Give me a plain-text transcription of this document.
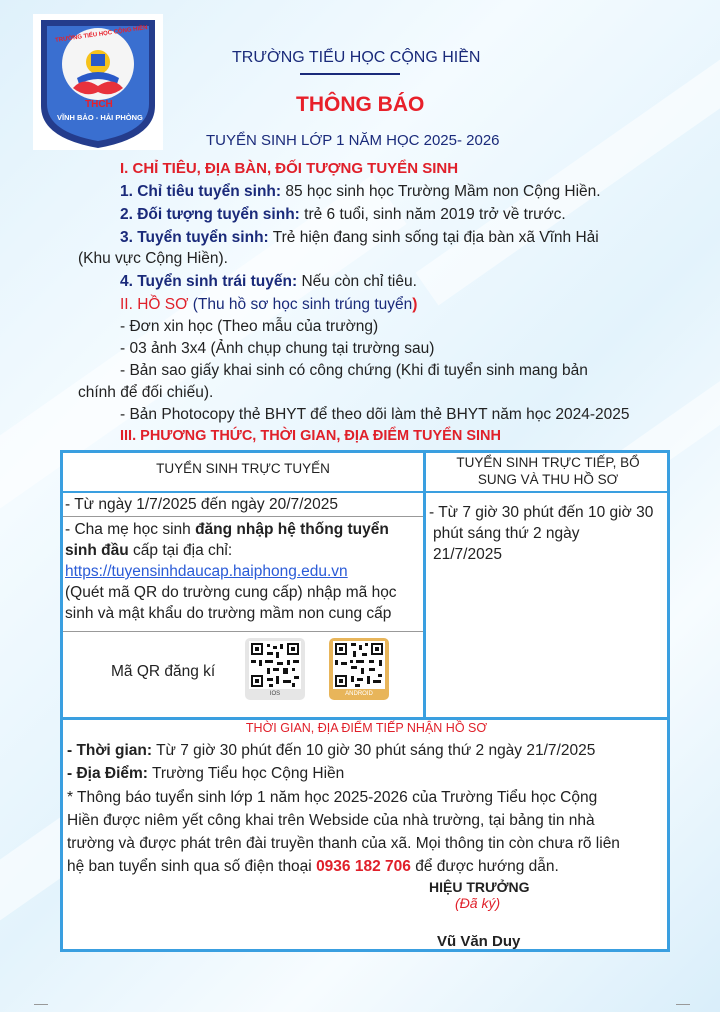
THCH
VĨNH BẢO - HẢI PHÒNG
TRƯỜNG TIỂU HỌC CỘNG HIỀN
TRƯỜNG TIỂU HỌC CỘNG HIỀN
THÔNG BÁO
TUYỂN SINH LỚP 1 NĂM HỌC 2025- 2026
I. CHỈ TIÊU, ĐỊA BÀN, ĐỐI TƯỢNG TUYỂN SINH
1. Chỉ tiêu tuyển sinh: 85 học sinh học Trường Mầm non Cộng Hiền.
2. Đối tượng tuyển sinh: trẻ 6 tuổi, sinh năm 2019 trở về trước.
3. Tuyển tuyển sinh: Trẻ hiện đang sinh sống tại địa bàn xã Vĩnh Hải
(Khu vực Cộng Hiền).
4. Tuyển sinh trái tuyến: Nếu còn chỉ tiêu.
II. HỒ SƠ (Thu hồ sơ học sinh trúng tuyển)
- Đơn xin học (Theo mẫu của trường)
- 03 ảnh 3x4 (Ảnh chụp chung tại trường sau)
- Bản sao giấy khai sinh có công chứng (Khi đi tuyển sinh mang bản
chính để đối chiếu).
- Bản Photocopy thẻ BHYT để theo dõi làm thẻ BHYT năm học 2024-2025
III. PHƯƠNG THỨC, THỜI GIAN, ĐỊA ĐIỂM TUYỂN SINH
TUYỂN SINH TRỰC TUYẾN	TUYỂN SINH TRỰC TIẾP, BỔ
SUNG VÀ THU HỒ SƠ
- Từ ngày 1/7/2025 đến ngày 20/7/2025
- Cha mẹ học sinh đăng nhập hệ thống tuyển
sinh đầu cấp tại địa chỉ:
https://tuyensinhdaucap.haiphong.edu.vn
(Quét mã QR do trường cung cấp) nhập mã học
sinh và mật khẩu do trường mầm non cung cấp
Mã QR đăng kí
IOS	ANDROID
- Từ 7 giờ 30 phút đến 10 giờ 30
phút sáng thứ 2 ngày
21/7/2025
THỜI GIAN, ĐỊA ĐIỂM TIẾP NHẬN HỒ SƠ
- Thời gian: Từ 7 giờ 30 phút đến 10 giờ 30 phút sáng thứ 2 ngày 21/7/2025
- Địa Điểm: Trường Tiểu học Cộng Hiền
* Thông báo tuyển sinh lớp 1 năm học 2025-2026 của Trường Tiểu học Cộng
Hiền được niêm yết công khai trên Webside của nhà trường, tại bảng tin nhà
trường và được phát trên đài truyền thanh của xã. Mọi thông tin còn chưa rõ liên
hệ ban tuyển sinh qua số điện thoại 0936 182 706 để được hướng dẫn.
HIỆU TRƯỞNG
(Đã ký)
Vũ Văn Duy
